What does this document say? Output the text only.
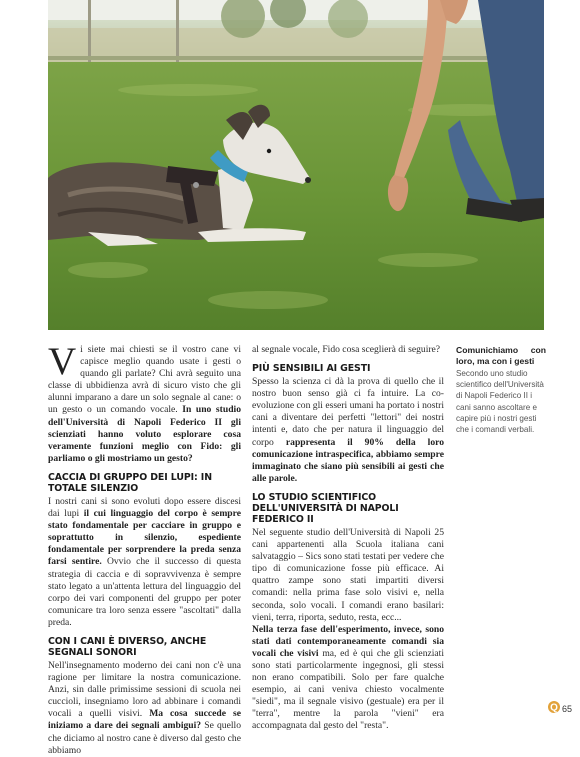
Vi siete mai chiesti se il vostro cane vi capisce meglio quando usate i gesti o quando gli parlate? Chi avrà seguito una classe di ubbidienza avrà di sicuro visto che gli alunni imparano a dare un solo segnale al cane: o un gesto o un comando vocale. In uno studio dell'Università di Napoli Federico II gli scienziati hanno voluto esplorare cosa veramente funzioni meglio con Fido: gli parliamo o gli mostriamo un gesto?

CACCIA DI GRUPPO DEI LUPI: IN TOTALE SILENZIO

I nostri cani si sono evoluti dopo essere discesi dai lupi il cui linguaggio del corpo è sempre stato fondamentale per cacciare in gruppo e soprattutto in silenzio, espediente fondamentale per sorprendere la preda senza farsi sentire. Ovvio che il successo di questa strategia di caccia e di sopravvivenza è sempre stato legato a un'attenta lettura del linguaggio del corpo dei vari componenti del gruppo per poter comunicare tra loro senza essere "ascoltati" dalla preda.

CON I CANI È DIVERSO, ANCHE SEGNALI SONORI

Nell'insegnamento moderno dei cani non c'è una ragione per limitare la nostra comunicazione. Anzi, sin dalle primissime sessioni di scuola nei cuccioli, insegniamo loro ad abbinare i comandi vocali a quelli visivi. Ma cosa succede se iniziamo a dare dei segnali ambigui? Se quello che diciamo al nostro cane è diverso dal gesto che abbiamo

al segnale vocale, Fido cosa sceglierà di seguire?

PIÙ SENSIBILI AI GESTI

Spesso la scienza ci dà la prova di quello che il nostro buon senso già ci fa intuire. La co-evoluzione con gli esseri umani ha portato i nostri cani a diventare dei perfetti "lettori" dei nostri intenti e, dato che per natura il linguaggio del corpo rappresenta il 90% della loro comunicazione intraspecifica, abbiamo sempre immaginato che siano più sensibili ai gesti che alle parole.

LO STUDIO SCIENTIFICO DELL'UNIVERSITÀ DI NAPOLI FEDERICO II

Nel seguente studio dell'Università di Napoli 25 cani appartenenti alla Scuola italiana cani salvataggio – Sics sono stati testati per vedere che tipo di comunicazione fosse più efficace. Ai quattro zampe sono stati impartiti diversi comandi: nella prima fase solo visivi e, nella seconda, solo vocali. I comandi erano basilari: vieni, terra, riporta, seduto, resta, ecc...

Nella terza fase dell'esperimento, invece, sono stati dati contemporaneamente comandi sia vocali che visivi ma, ed è qui che gli scienziati sono stati particolarmente ingegnosi, gli stessi non erano compatibili. Solo per fare qualche esempio, ai cani veniva chiesto vocalmente "siedi", ma il segnale visivo (gestuale) era per il "terra", mentre la parola "vieni" era accompagnata dal gesto del "resta".

Comunichiamo con loro, ma con i gesti
Secondo uno studio scientifico dell'Università di Napoli Federico II i cani sanno ascoltare e capire più i nostri gesti che i comandi verbali.
Q 65
